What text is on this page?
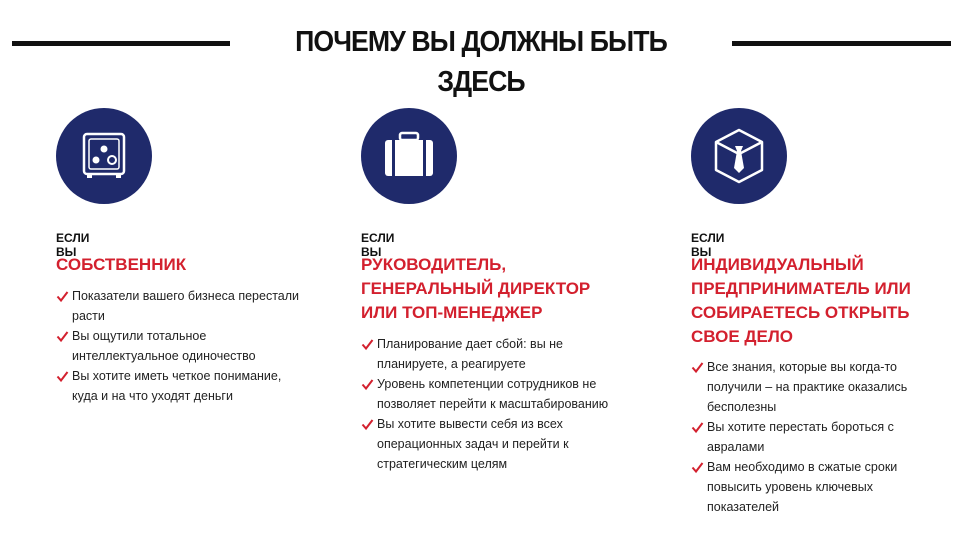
ПОЧЕМУ ВЫ ДОЛЖНЫ БЫТЬ ЗДЕСЬ
ЕСЛИ ВЫ
СОБСТВЕННИК
Показатели вашего бизнеса перестали
расти
Вы ощутили тотальное
интеллектуальное одиночество
Вы хотите иметь четкое понимание,
куда и на что уходят деньги
ЕСЛИ ВЫ
РУКОВОДИТЕЛЬ,
ГЕНЕРАЛЬНЫЙ ДИРЕКТОР
ИЛИ ТОП-МЕНЕДЖЕР
Планирование дает сбой: вы не
планируете, а реагируете
Уровень компетенции сотрудников не
позволяет перейти к масштабированию
Вы хотите вывести себя из всех
операционных задач и перейти к
стратегическим целям
ЕСЛИ ВЫ
ИНДИВИДУАЛЬНЫЙ
ПРЕДПРИНИМАТЕЛЬ ИЛИ
СОБИРАЕТЕСЬ ОТКРЫТЬ
СВОЕ ДЕЛО
Все знания, которые вы когда-то
получили – на практике оказались
бесполезны
Вы хотите перестать бороться с
авралами
Вам необходимо в сжатые сроки
повысить уровень ключевых
показателей
